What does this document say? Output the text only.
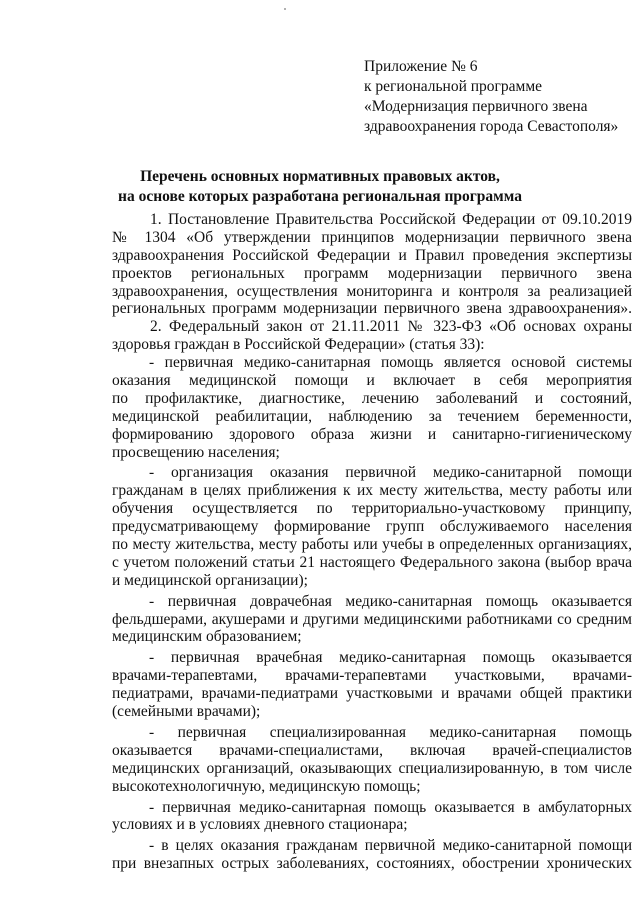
Приложение № 6
к региональной программе
«Модернизация первичного звена
здравоохранения города Севастополя»
Перечень основных нормативных правовых актов,
на основе которых разработана региональная программа
1. Постановление Правительства Российской Федерации от 09.10.2019
№ 1304 «Об утверждении принципов модернизации первичного звена
здравоохранения Российской Федерации и Правил проведения экспертизы
проектов региональных программ модернизации первичного звена
здравоохранения, осуществления мониторинга и контроля за реализацией
региональных программ модернизации первичного звена здравоохранения».
2. Федеральный закон от 21.11.2011 № 323-ФЗ «Об основах охраны
здоровья граждан в Российской Федерации» (статья 33):
- первичная медико-санитарная помощь является основой системы
оказания медицинской помощи и включает в себя мероприятия
по профилактике, диагностике, лечению заболеваний и состояний,
медицинской реабилитации, наблюдению за течением беременности,
формированию здорового образа жизни и санитарно-гигиеническому
просвещению населения;
- организация оказания первичной медико-санитарной помощи
гражданам в целях приближения к их месту жительства, месту работы или
обучения осуществляется по территориально-участковому принципу,
предусматривающему формирование групп обслуживаемого населения
по месту жительства, месту работы или учебы в определенных организациях,
с учетом положений статьи 21 настоящего Федерального закона (выбор врача
и медицинской организации);
- первичная доврачебная медико-санитарная помощь оказывается
фельдшерами, акушерами и другими медицинскими работниками со средним
медицинским образованием;
- первичная врачебная медико-санитарная помощь оказывается
врачами-терапевтами, врачами-терапевтами участковыми, врачами-
педиатрами, врачами-педиатрами участковыми и врачами общей практики
(семейными врачами);
- первичная специализированная медико-санитарная помощь
оказывается врачами-специалистами, включая врачей-специалистов
медицинских организаций, оказывающих специализированную, в том числе
высокотехнологичную, медицинскую помощь;
- первичная медико-санитарная помощь оказывается в амбулаторных
условиях и в условиях дневного стационара;
- в целях оказания гражданам первичной медико-санитарной помощи
при внезапных острых заболеваниях, состояниях, обострении хронических
